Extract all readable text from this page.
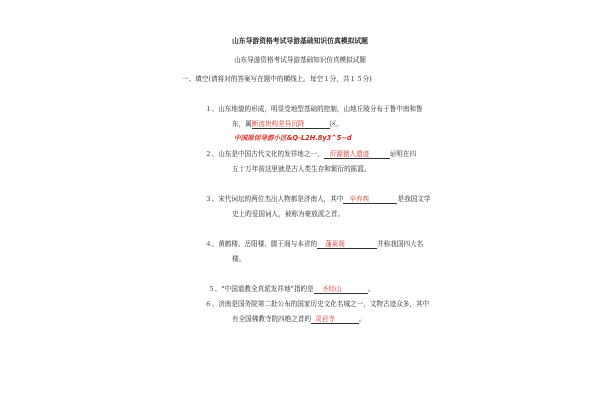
山东导游资格考试导游基础知识仿真模拟试题
山东导游资格考试导游基础知识仿真模拟试题
一、填空(请将对的答案写在题中的横线上。每空１分，共１５分)
１、山东地貌的形成，明显受地型基础的控制，山地丘陵分布于鲁中南和鲁
东，属断流块构差异沉降	区。
中国原创导游小区&Q-L2H.8y3^5~d
２、山东是中国古代文化的发祥地之一， 沂源猿人遗迹	证明在四
五十万年前这里就是古人类生存和繁衍的摇篮。
３、宋代词坛的两位杰出人物都是济南人，其中 辛弃疾	是我国文学
史上旳爱国词人，被称为豪放派之首。
４、黄鹤楼、岳阳楼、滕王阁与本省的 蓬莱阁	并称我国四大名
楼。
５、“中国道教全真派发祥地”指旳是 圣经山	。
６、济南是国务院第二批公布的国家历史文化名城之一，文物古迹众多，其中
有全国佛教寺院四绝之首旳 灵岩寺	。
